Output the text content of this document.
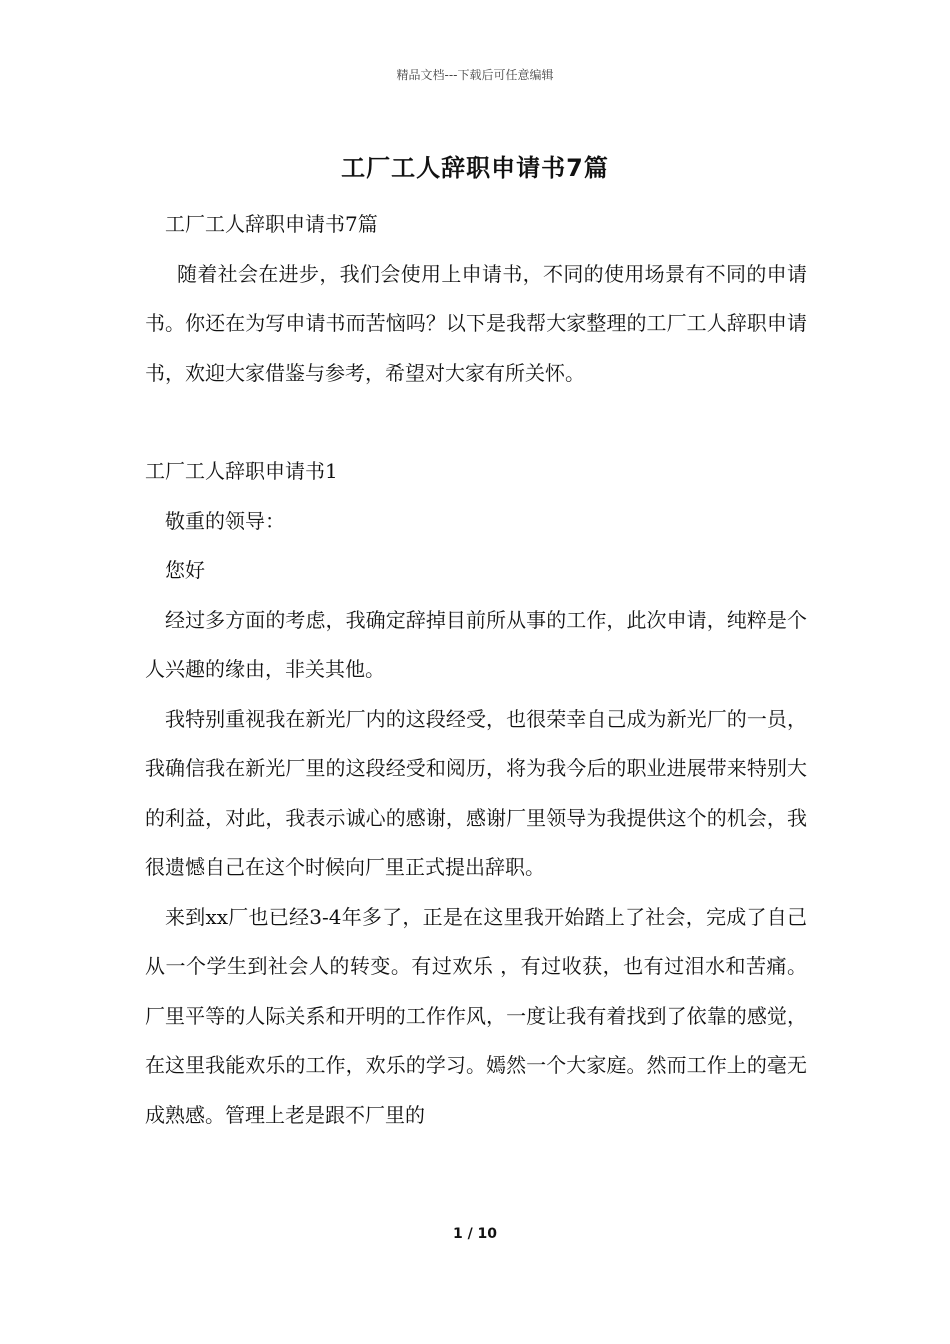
精品文档---下载后可任意编辑
工厂工人辞职申请书7篇

工厂工人辞职申请书7篇

随着社会在进步，我们会使用上申请书，不同的使用场景有不同的申请书。你还在为写申请书而苦恼吗？以下是我帮大家整理的工厂工人辞职申请书，欢迎大家借鉴与参考，希望对大家有所关怀。

工厂工人辞职申请书1

敬重的领导：

您好

经过多方面的考虑，我确定辞掉目前所从事的工作，此次申请，纯粹是个人兴趣的缘由，非关其他。

我特别重视我在新光厂内的这段经受，也很荣幸自己成为新光厂的一员，我确信我在新光厂里的这段经受和阅历，将为我今后的职业进展带来特别大的利益，对此，我表示诚心的感谢，感谢厂里领导为我提供这个的机会，我很遗憾自己在这个时候向厂里正式提出辞职。

来到xx厂也已经3-4年多了，正是在这里我开始踏上了社会，完成了自己从一个学生到社会人的转变。有过欢乐 ，有过收获，也有过泪水和苦痛。厂里平等的人际关系和开明的工作作风，一度让我有着找到了依靠的感觉，在这里我能欢乐的工作，欢乐的学习。嫣然一个大家庭。然而工作上的毫无成熟感。管理上老是跟不厂里的

1 / 10
